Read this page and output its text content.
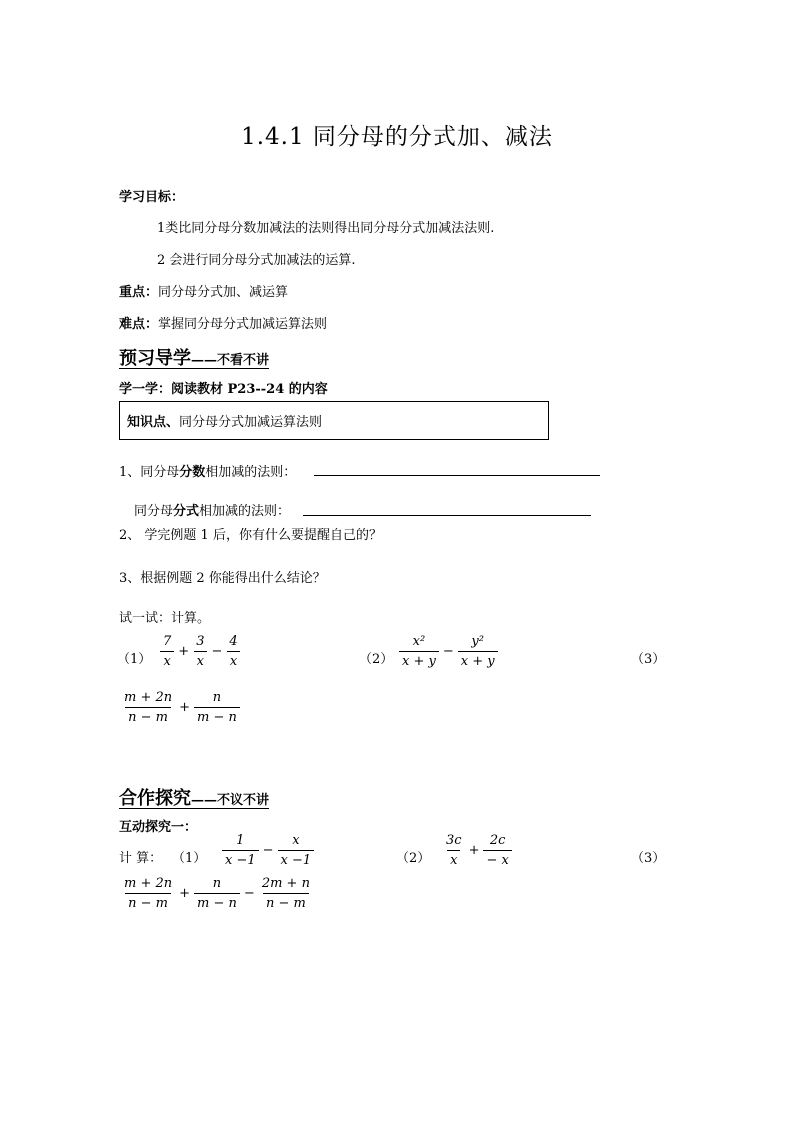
1.4.1 同分母的分式加、减法
学习目标：
1类比同分母分数加减法的法则得出同分母分式加减法法则.
2 会进行同分母分式加减法的运算.
重点：同分母分式加、减运算
难点：掌握同分母分式加减运算法则
预习导学——不看不讲
学一学：阅读教材 P23--24 的内容
知识点、同分母分式加减运算法则
1、同分母分数相加减的法则：
同分母分式相加减的法则：
2、 学完例题 1 后，你有什么要提醒自己的？
3、根据例题 2 你能得出什么结论？
试一试：计算。
$(1) \frac{7}{x} + \frac{3}{x} - \frac{4}{x}$	$(2) \frac{\text{x²}}{x + y} - \frac{\text{y²}}{x + y}$	（3）
$\frac{m + 2n}{n - m} + \frac{n}{m - n}$
合作探究——不议不讲
互动探究一：
计 算： $(1) \frac{1}{x -1} - \frac{x}{x -1}$	$(2) \frac{3c}{x} + \frac{2c}{- x}$	（3）
$\frac{m + 2n}{n - m} + \frac{n}{m - n} - \frac{2m + n}{n - m}$
